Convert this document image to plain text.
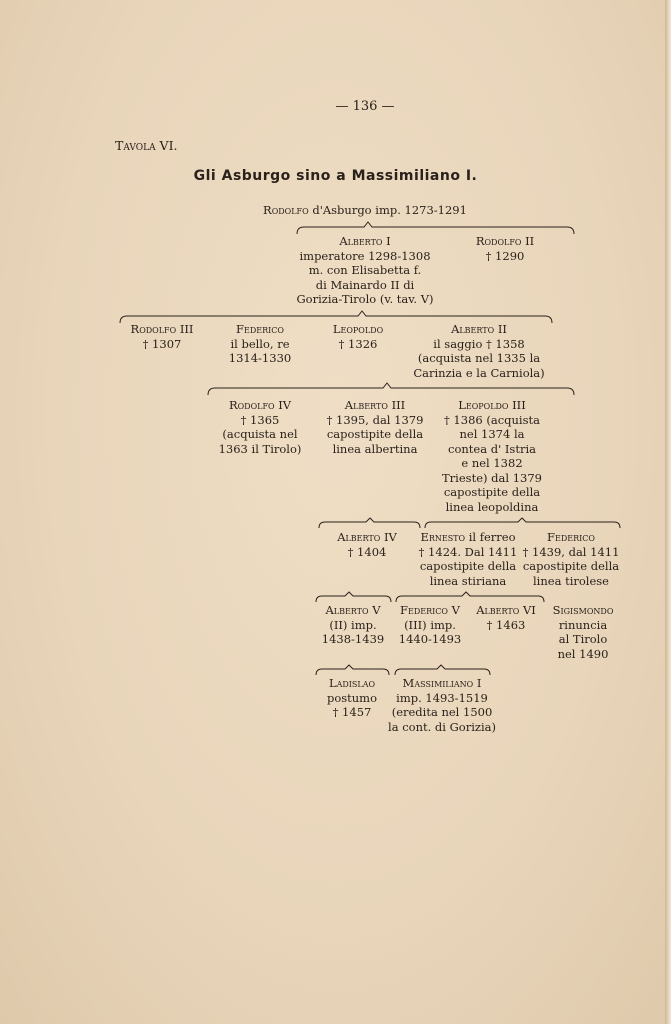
— 136 —
Tavola VI.
Gli Asburgo sino a Massimiliano I.
Rodolfo d'Asburgo imp. 1273-1291
Alberto I
imperatore 1298-1308
m. con Elisabetta f.
di Mainardo II di
Gorizia-Tirolo (v. tav. V)
Rodolfo II
† 1290
Rodolfo III
† 1307
Federico
il bello, re
1314-1330
Leopoldo
† 1326
Alberto II
il saggio † 1358
(acquista nel 1335 la
Carinzia e la Carniola)
Rodolfo IV
† 1365
(acquista nel
1363 il Tirolo)
Alberto III
† 1395, dal 1379
capostipite della
linea albertina
Leopoldo III
† 1386 (acquista
nel 1374 la
contea d' Istria
e nel 1382
Trieste) dal 1379
capostipite della
linea leopoldina
Alberto IV
† 1404
Ernesto il ferreo
† 1424. Dal 1411
capostipite della
linea stiriana
Federico
† 1439, dal 1411
capostipite della
linea tirolese
Alberto V
(II) imp.
1438-1439
Federico V
(III) imp.
1440-1493
Alberto VI
† 1463
Sigismondo
rinuncia
al Tirolo
nel 1490
Ladislao
postumo
† 1457
Massimiliano I
imp. 1493-1519
(eredita nel 1500
la cont. di Gorizia)
